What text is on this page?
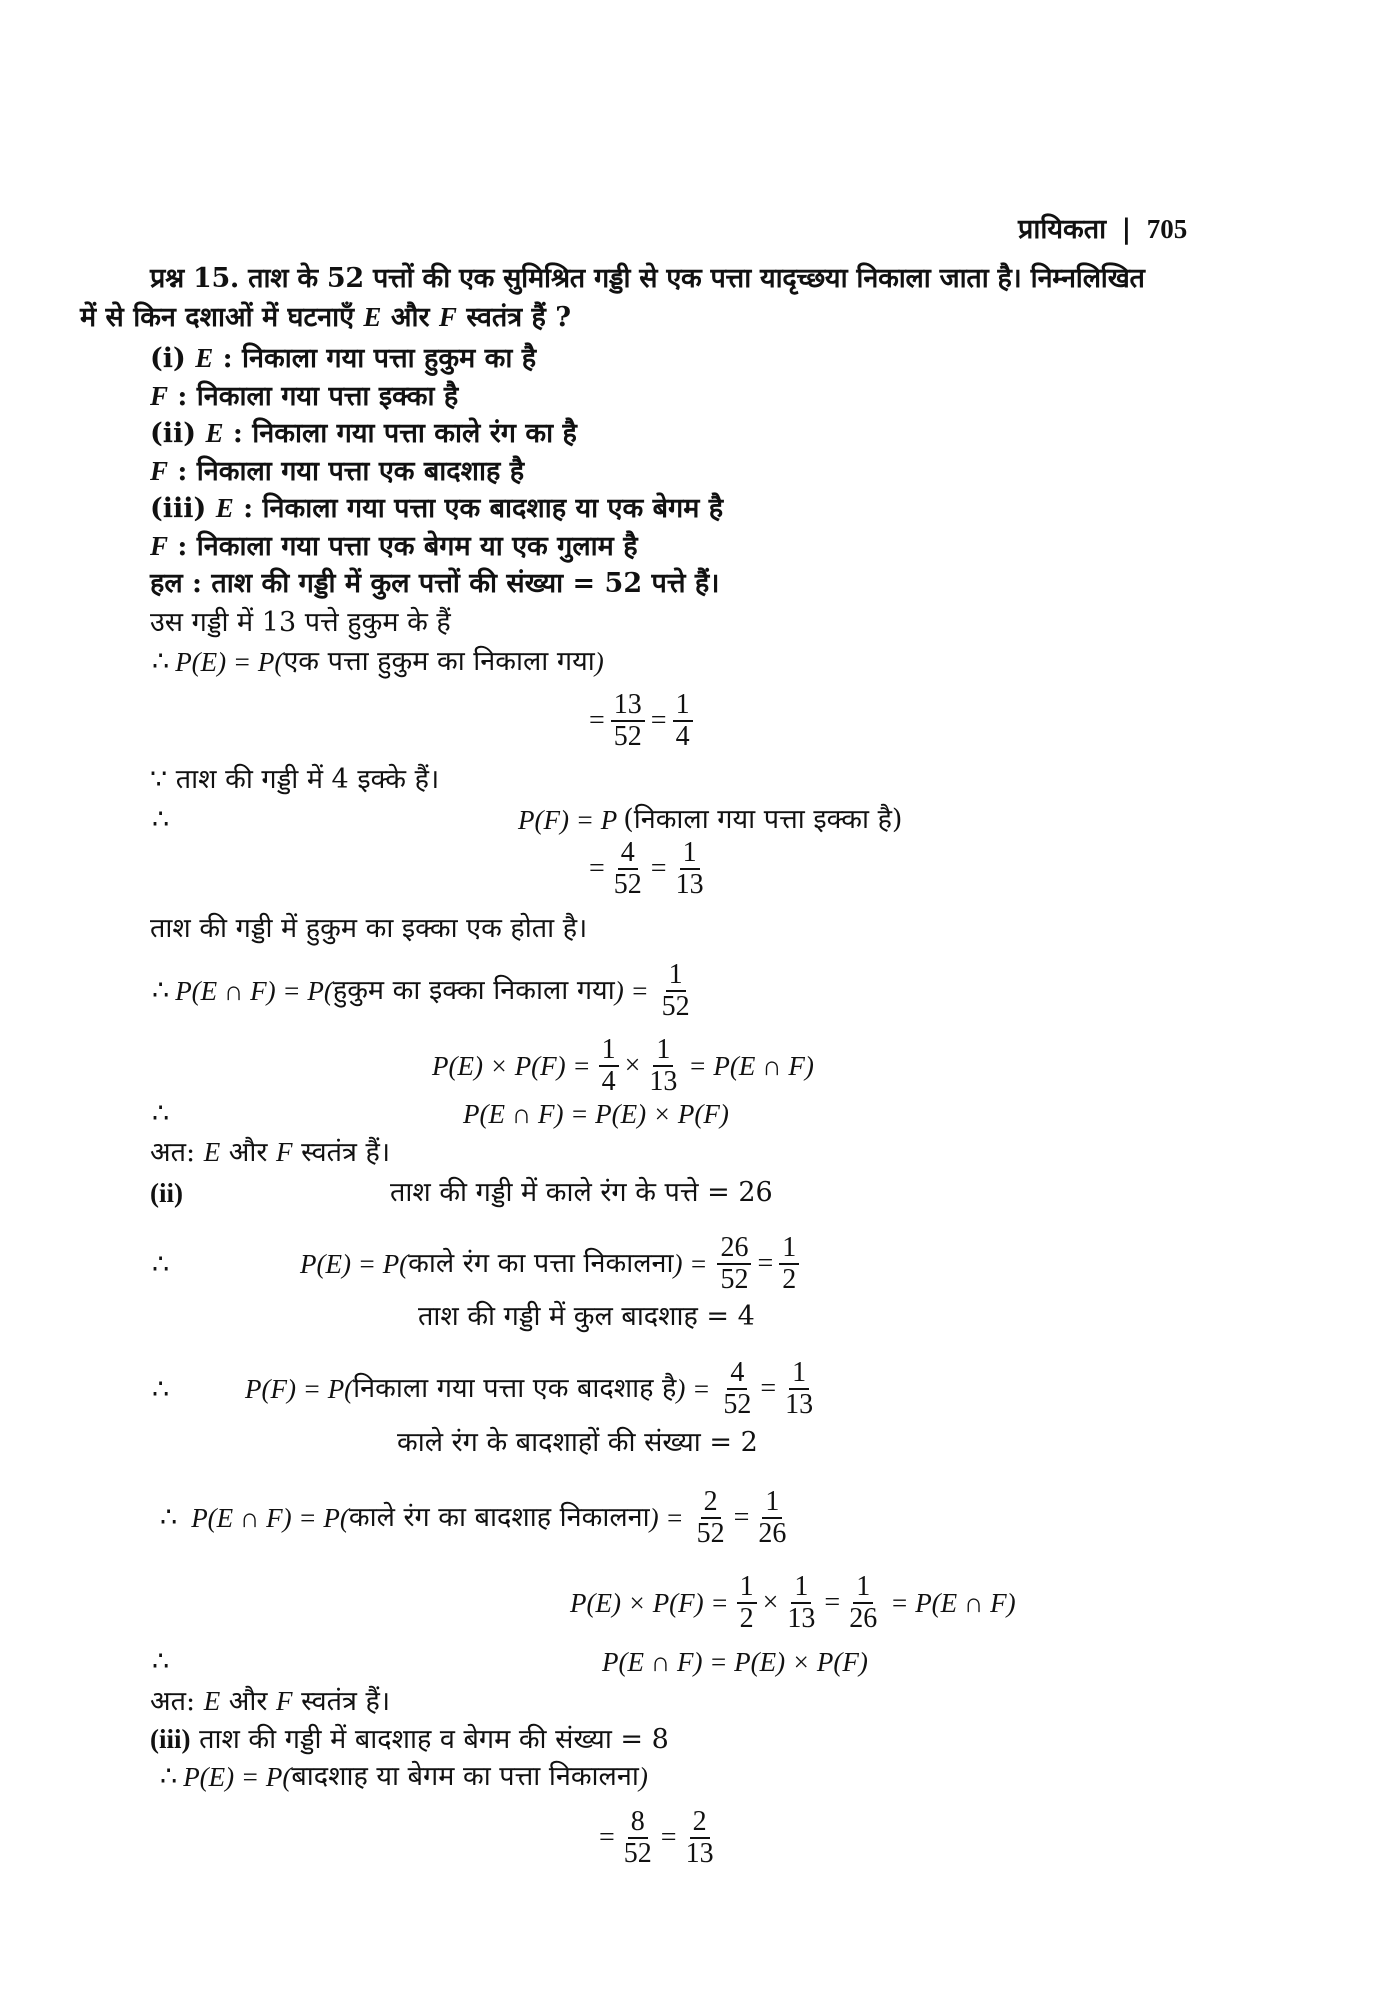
प्रायिकता | 705
प्रश्न 15. ताश के 52 पत्तों की एक सुमिश्रित गड्डी से एक पत्ता यादृच्छया निकाला जाता है। निम्नलिखित
में से किन दशाओं में घटनाएँ E और F स्वतंत्र हैं ?
(i) E : निकाला गया पत्ता हुकुम का है
F : निकाला गया पत्ता इक्का है
(ii) E : निकाला गया पत्ता काले रंग का है
F : निकाला गया पत्ता एक बादशाह है
(iii) E : निकाला गया पत्ता एक बादशाह या एक बेगम है
F : निकाला गया पत्ता एक बेगम या एक गुलाम है
हल : ताश की गड्डी में कुल पत्तों की संख्या = 52 पत्ते हैं।
उस गड्डी में 13 पत्ते हुकुम के हैं
∴ P(E) = P( एक पत्ता हुकुम का निकाला गया )
= $\frac{13}{52} = \frac{1}{4}$
∵ ताश की गड्डी में 4 इक्के हैं।
∴	P(F) = P (निकाला गया पत्ता इक्का है)
= $\frac{4}{52} = \frac{1}{13}$
ताश की गड्डी में हुकुम का इक्का एक होता है।
∴ P(E ∩ F) = P( हुकुम का इक्का निकाला गया ) = $\frac{1}{52}$
$P(E) \times P(F) = \frac{1}{4} \times \frac{1}{13} = P(E$ ∩ F)
∴	P(E ∩ F) = P(E) × P(F)
अत: E और F स्वतंत्र हैं।
(ii)	ताश की गड्डी में काले रंग के पत्ते = 26
∴	P(E) = P( काले रंग का पत्ता निकालना ) = $\frac{26}{52} = \frac{1}{2}$
ताश की गड्डी में कुल बादशाह = 4
∴	P(F) = P( निकाला गया पत्ता एक बादशाह है ) = $\frac{4}{52} = \frac{1}{13}$
काले रंग के बादशाहों की संख्या = 2
∴ P(E ∩ F) = P( काले रंग का बादशाह निकालना ) = $\frac{2}{52} = \frac{1}{26}$
$P(E) \times P(F) = \frac{1}{2} \times \frac{1}{13} = \frac{1}{26} = P(E$ ∩ F)
∴	P(E ∩ F) = P(E) × P(F)
अत: E और F स्वतंत्र हैं।
(iii) ताश की गड्डी में बादशाह व बेगम की संख्या = 8
∴ P(E) = P( बादशाह या बेगम का पत्ता निकालना )
= $\frac{8}{52} = \frac{2}{13}$
